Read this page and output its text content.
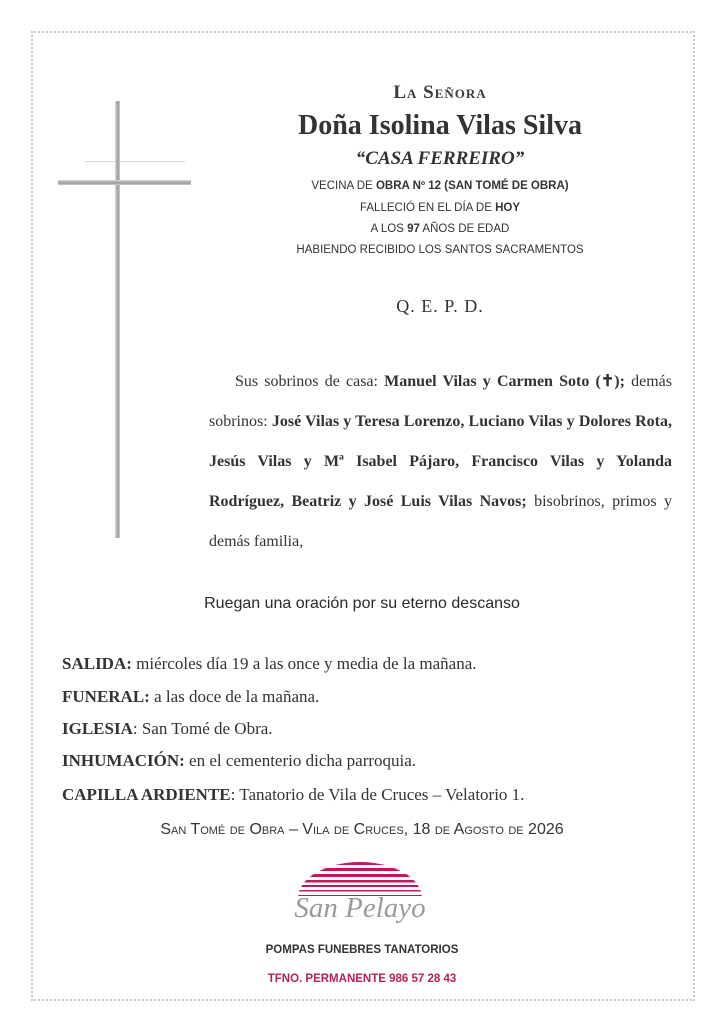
La Señora
Doña Isolina Vilas Silva
“CASA FERREIRO”
VECINA DE OBRA Nº 12 (SAN TOMÉ DE OBRA)
FALLECIÓ EN EL DÍA DE HOY
A LOS 97 AÑOS DE EDAD
HABIENDO RECIBIDO LOS SANTOS SACRAMENTOS
Q. E. P. D.
Sus sobrinos de casa: Manuel Vilas y Carmen Soto (✝); demás sobrinos: José Vilas y Teresa Lorenzo, Luciano Vilas y Dolores Rota, Jesús Vilas y Mª Isabel Pájaro, Francisco Vilas y Yolanda Rodríguez, Beatriz y José Luis Vilas Navos; bisobrinos, primos y demás familia,
Ruegan una oración por su eterno descanso
SALIDA: miércoles día 19 a las once y media de la mañana.
FUNERAL: a las doce de la mañana.
IGLESIA: San Tomé de Obra.
INHUMACIÓN: en el cementerio dicha parroquia.
CAPILLA ARDIENTE: Tanatorio de Vila de Cruces – Velatorio 1.
San Tomé de Obra – Vila de Cruces, 18 de Agosto de 2026
San Pelayo
POMPAS FUNEBRES TANATORIOS
TFNO. PERMANENTE 986 57 28 43
